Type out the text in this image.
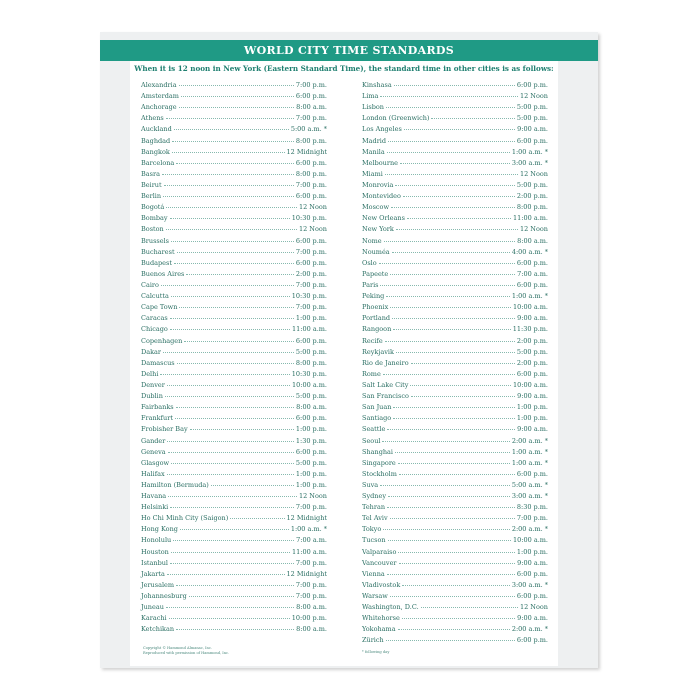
WORLD CITY TIME STANDARDS
When it is 12 noon in New York (Eastern Standard Time), the standard time in other cities is as follows:
Alexandria	7:00 p.m.
Amsterdam	6:00 p.m.
Anchorage	8:00 a.m.
Athens	7:00 p.m.
Auckland	5:00 a.m. *
Baghdad	8:00 p.m.
Bangkok	12 Midnight
Barcelona	6:00 p.m.
Basra	8:00 p.m.
Beirut	7:00 p.m.
Berlin	6:00 p.m.
Bogotá	12 Noon
Bombay	10:30 p.m.
Boston	12 Noon
Brussels	6:00 p.m.
Bucharest	7:00 p.m.
Budapest	6:00 p.m.
Buenos Aires	2:00 p.m.
Cairo	7:00 p.m.
Calcutta	10:30 p.m.
Cape Town	7:00 p.m.
Caracas	1:00 p.m.
Chicago	11:00 a.m.
Copenhagen	6:00 p.m.
Dakar	5:00 p.m.
Damascus	8:00 p.m.
Delhi	10:30 p.m.
Denver	10:00 a.m.
Dublin	5:00 p.m.
Fairbanks	8:00 a.m.
Frankfurt	6:00 p.m.
Frobisher Bay	1:00 p.m.
Gander	1:30 p.m.
Geneva	6:00 p.m.
Glasgow	5:00 p.m.
Halifax	1:00 p.m.
Hamilton (Bermuda)	1:00 p.m.
Havana	12 Noon
Helsinki	7:00 p.m.
Ho Chi Minh City (Saigon)	12 Midnight
Hong Kong	1:00 a.m. *
Honolulu	7:00 a.m.
Houston	11:00 a.m.
Istanbul	7:00 p.m.
Jakarta	12 Midnight
Jerusalem	7:00 p.m.
Johannesburg	7:00 p.m.
Juneau	8:00 a.m.
Karachi	10:00 p.m.
Ketchikan	8:00 a.m.
Kinshasa	6:00 p.m.
Lima	12 Noon
Lisbon	5:00 p.m.
London (Greenwich)	5:00 p.m.
Los Angeles	9:00 a.m.
Madrid	6:00 p.m.
Manila	1:00 a.m. *
Melbourne	3:00 a.m. *
Miami	12 Noon
Monrovia	5:00 p.m.
Montevideo	2:00 p.m.
Moscow	8:00 p.m.
New Orleans	11:00 a.m.
New York	12 Noon
Nome	8:00 a.m.
Nouméa	4:00 a.m. *
Oslo	6:00 p.m.
Papeete	7:00 a.m.
Paris	6:00 p.m.
Peking	1:00 a.m. *
Phoenix	10:00 a.m.
Portland	9:00 a.m.
Rangoon	11:30 p.m.
Recife	2:00 p.m.
Reykjavik	5:00 p.m.
Rio de Janeiro	2:00 p.m.
Rome	6:00 p.m.
Salt Lake City	10:00 a.m.
San Francisco	9:00 a.m.
San Juan	1:00 p.m.
Santiago	1:00 p.m.
Seattle	9:00 a.m.
Seoul	2:00 a.m. *
Shanghai	1:00 a.m. *
Singapore	1:00 a.m. *
Stockholm	6:00 p.m.
Suva	5:00 a.m. *
Sydney	3:00 a.m. *
Tehran	8:30 p.m.
Tel Aviv	7:00 p.m.
Tokyo	2:00 a.m. *
Tucson	10:00 a.m.
Valparaiso	1:00 p.m.
Vancouver	9:00 a.m.
Vienna	6:00 p.m.
Vladivostok	3:00 a.m. *
Warsaw	6:00 p.m.
Washington, D.C.	12 Noon
Whitehorse	9:00 a.m.
Yokohama	2:00 a.m. *
Zürich	6:00 p.m.
Copyright © Hammond Almanac, Inc.
Reproduced with permission of Hammond, Inc.	* following day
